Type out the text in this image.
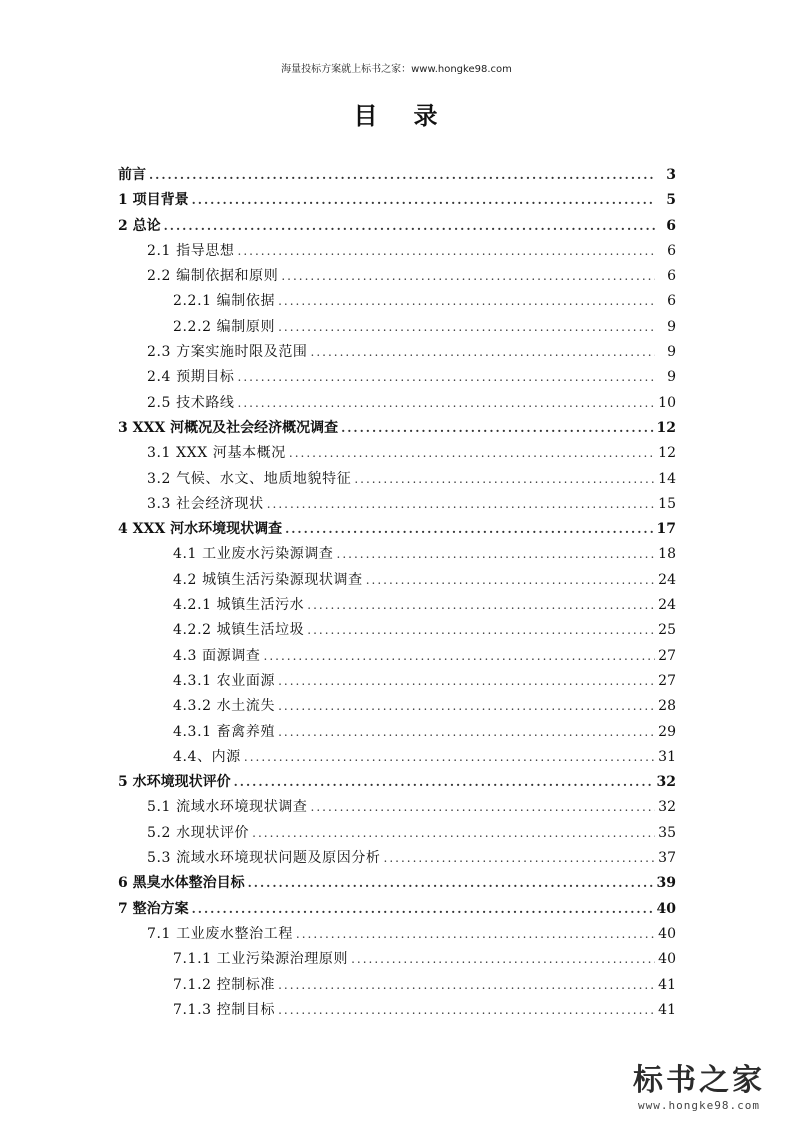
海量投标方案就上标书之家：www.hongke98.com
目 录
前言 .....	3
1 项目背景 .....	5
2 总论 .....	6
2.1 指导思想 .....	6
2.2 编制依据和原则 .....	6
2.2.1 编制依据 .....	6
2.2.2 编制原则 .....	9
2.3 方案实施时限及范围 .....	9
2.4 预期目标 .....	9
2.5 技术路线 .....	10
3 XXX 河概况及社会经济概况调查 .....	12
3.1 XXX 河基本概况 .....	12
3.2 气候、水文、地质地貌特征 .....	14
3.3 社会经济现状 .....	15
4 XXX 河水环境现状调查 .....	17
4.1 工业废水污染源调查 .....	18
4.2 城镇生活污染源现状调查 .....	24
4.2.1 城镇生活污水 .....	24
4.2.2 城镇生活垃圾 .....	25
4.3 面源调查 .....	27
4.3.1 农业面源 .....	27
4.3.2 水土流失 .....	28
4.3.1 畜禽养殖 .....	29
4.4、内源 .....	31
5 水环境现状评价 .....	32
5.1 流域水环境现状调查 .....	32
5.2 水现状评价 .....	35
5.3 流域水环境现状问题及原因分析 .....	37
6 黑臭水体整治目标 .....	39
7 整治方案 .....	40
7.1 工业废水整治工程 .....	40
7.1.1 工业污染源治理原则 .....	40
7.1.2 控制标准 .....	41
7.1.3 控制目标 .....	41
标书之家
www.hongke98.com
